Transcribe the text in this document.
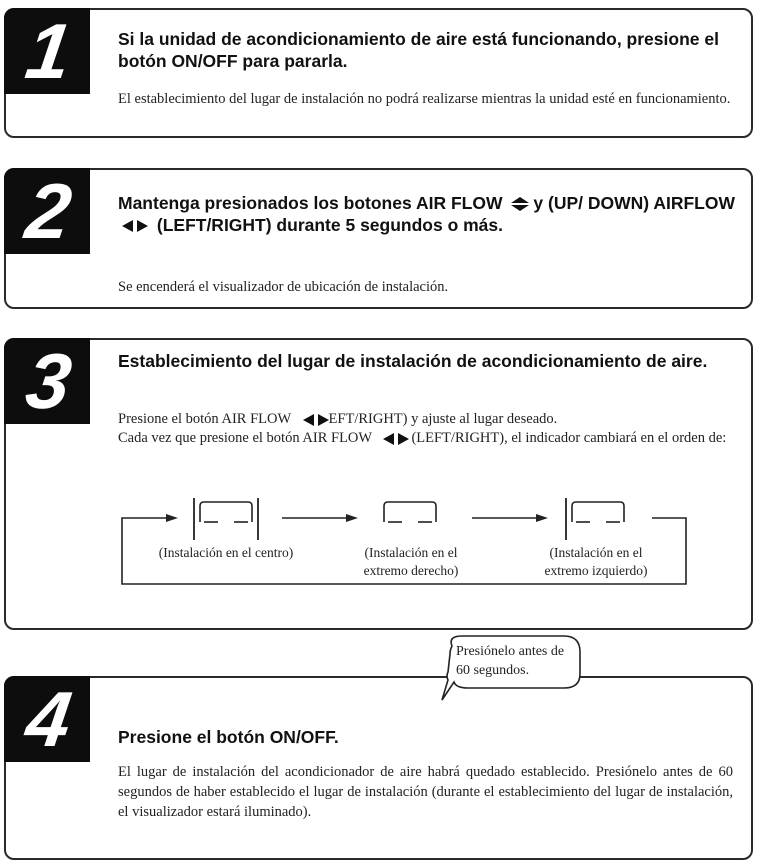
1 Si la unidad de acondicionamiento de aire está funcionando, presione el botón ON/OFF para pararla.
El establecimiento del lugar de instalación no podrá realizarse mientras la unidad esté en funcionamiento.
2 Mantenga presionados los botones AIR FLOW y (UP/ DOWN) AIRFLOW  (LEFT/RIGHT) durante 5 segundos o más.
Se encenderá el visualizador de ubicación de instalación.
3 Establecimiento del lugar de instalación de acondicionamiento de aire.
Presione el botón AIR FLOW	EFT/RIGHT) y ajuste al lugar deseado.
Cada vez que presione el botón AIR FLOW	(LEFT/RIGHT), el indicador cambiará en el orden de:
(Instalación en el centro)	(Instalación en el extremo derecho)
(Instalación en el extremo izquierdo)
4 Presione el botón ON/OFF.
El lugar de instalación del acondicionador de aire habrá quedado establecido. Presiónelo antes de 60 segundos de haber establecido el lugar de instalación (durante el establecimiento del lugar de instalación, el visualizador estará iluminado).
Presiónelo antes de 60 segundos.
